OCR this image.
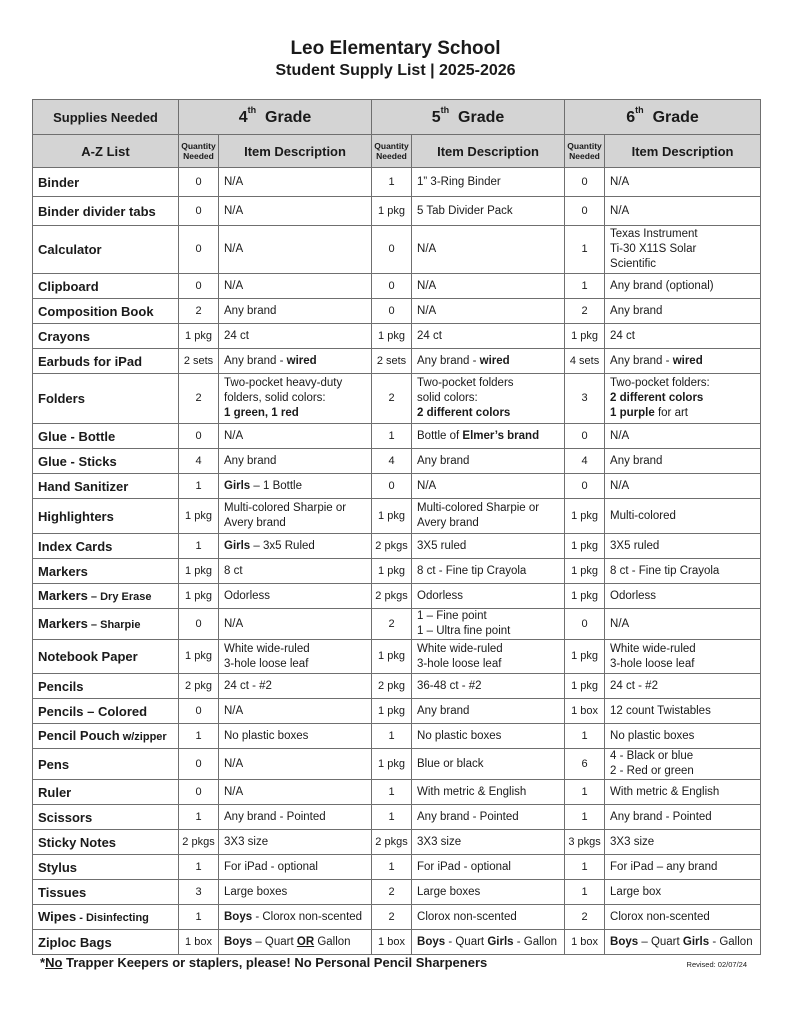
Leo Elementary School
Student Supply List | 2025-2026
Supplies Needed	4th Grade		5th Grade		6th Grade	
A-Z List	Quantity Needed	Item Description	Quantity Needed	Item Description	Quantity Needed	Item Description
Binder	0	N/A	1	1” 3-Ring Binder	0	N/A
Binder divider tabs	0	N/A	1 pkg	5 Tab Divider Pack	0	N/A
Calculator	0	N/A	0	N/A	1	Texas Instrument
Ti-30 X11S Solar
Scientific
Clipboard	0	N/A	0	N/A	1	Any brand (optional)
Composition Book	2	Any brand	0	N/A	2	Any brand
Crayons	1 pkg	24 ct	1 pkg	24 ct	1 pkg	24 ct
Earbuds for iPad	2 sets	Any brand - wired	2 sets	Any brand - wired	4 sets	Any brand - wired
Folders	2	Two-pocket heavy-duty
folders, solid colors:
1 green, 1 red	2	Two-pocket folders
solid colors:
2 different colors	3	Two-pocket folders:
2 different colors
1 purple for art
Glue - Bottle	0	N/A	1	Bottle of Elmer’s brand	0	N/A
Glue - Sticks	4	Any brand	4	Any brand	4	Any brand
Hand Sanitizer	1	Girls – 1 Bottle	0	N/A	0	N/A
Highlighters	1 pkg	Multi-colored Sharpie or
Avery brand	1 pkg	Multi-colored Sharpie or
Avery brand	1 pkg	Multi-colored
Index Cards	1	Girls – 3x5 Ruled	2 pkgs	3X5 ruled	1 pkg	3X5 ruled
Markers	1 pkg	8 ct	1 pkg	8 ct - Fine tip Crayola	1 pkg	8 ct - Fine tip Crayola
Markers – Dry Erase	1 pkg	Odorless	2 pkgs	Odorless	1 pkg	Odorless
Markers – Sharpie	0	N/A	2	1 – Fine point
1 – Ultra fine point	0	N/A
Notebook Paper	1 pkg	White wide-ruled
3-hole loose leaf	1 pkg	White wide-ruled
3-hole loose leaf	1 pkg	White wide-ruled
3-hole loose leaf
Pencils	2 pkg	24 ct - #2	2 pkg	36-48 ct - #2	1 pkg	24 ct - #2
Pencils – Colored	0	N/A	1 pkg	Any brand	1 box	12 count Twistables
Pencil Pouch w/zipper	1	No plastic boxes	1	No plastic boxes	1	No plastic boxes
Pens	0	N/A	1 pkg	Blue or black	6	4 - Black or blue
2 - Red or green
Ruler	0	N/A	1	With metric & English	1	With metric & English
Scissors	1	Any brand - Pointed	1	Any brand - Pointed	1	Any brand - Pointed
Sticky Notes	2 pkgs	3X3 size	2 pkgs	3X3 size	3 pkgs	3X3 size
Stylus	1	For iPad - optional	1	For iPad - optional	1	For iPad – any brand
Tissues	3	Large boxes	2	Large boxes	1	Large box
Wipes - Disinfecting	1	Boys - Clorox non-scented	2	Clorox non-scented	2	Clorox non-scented
Ziploc Bags	1 box	Boys – Quart OR Gallon	1 box	Boys - Quart Girls - Gallon	1 box	Boys – Quart Girls - Gallon
*No Trapper Keepers or staplers, please! No Personal Pencil Sharpeners	Revised: 02/07/24
